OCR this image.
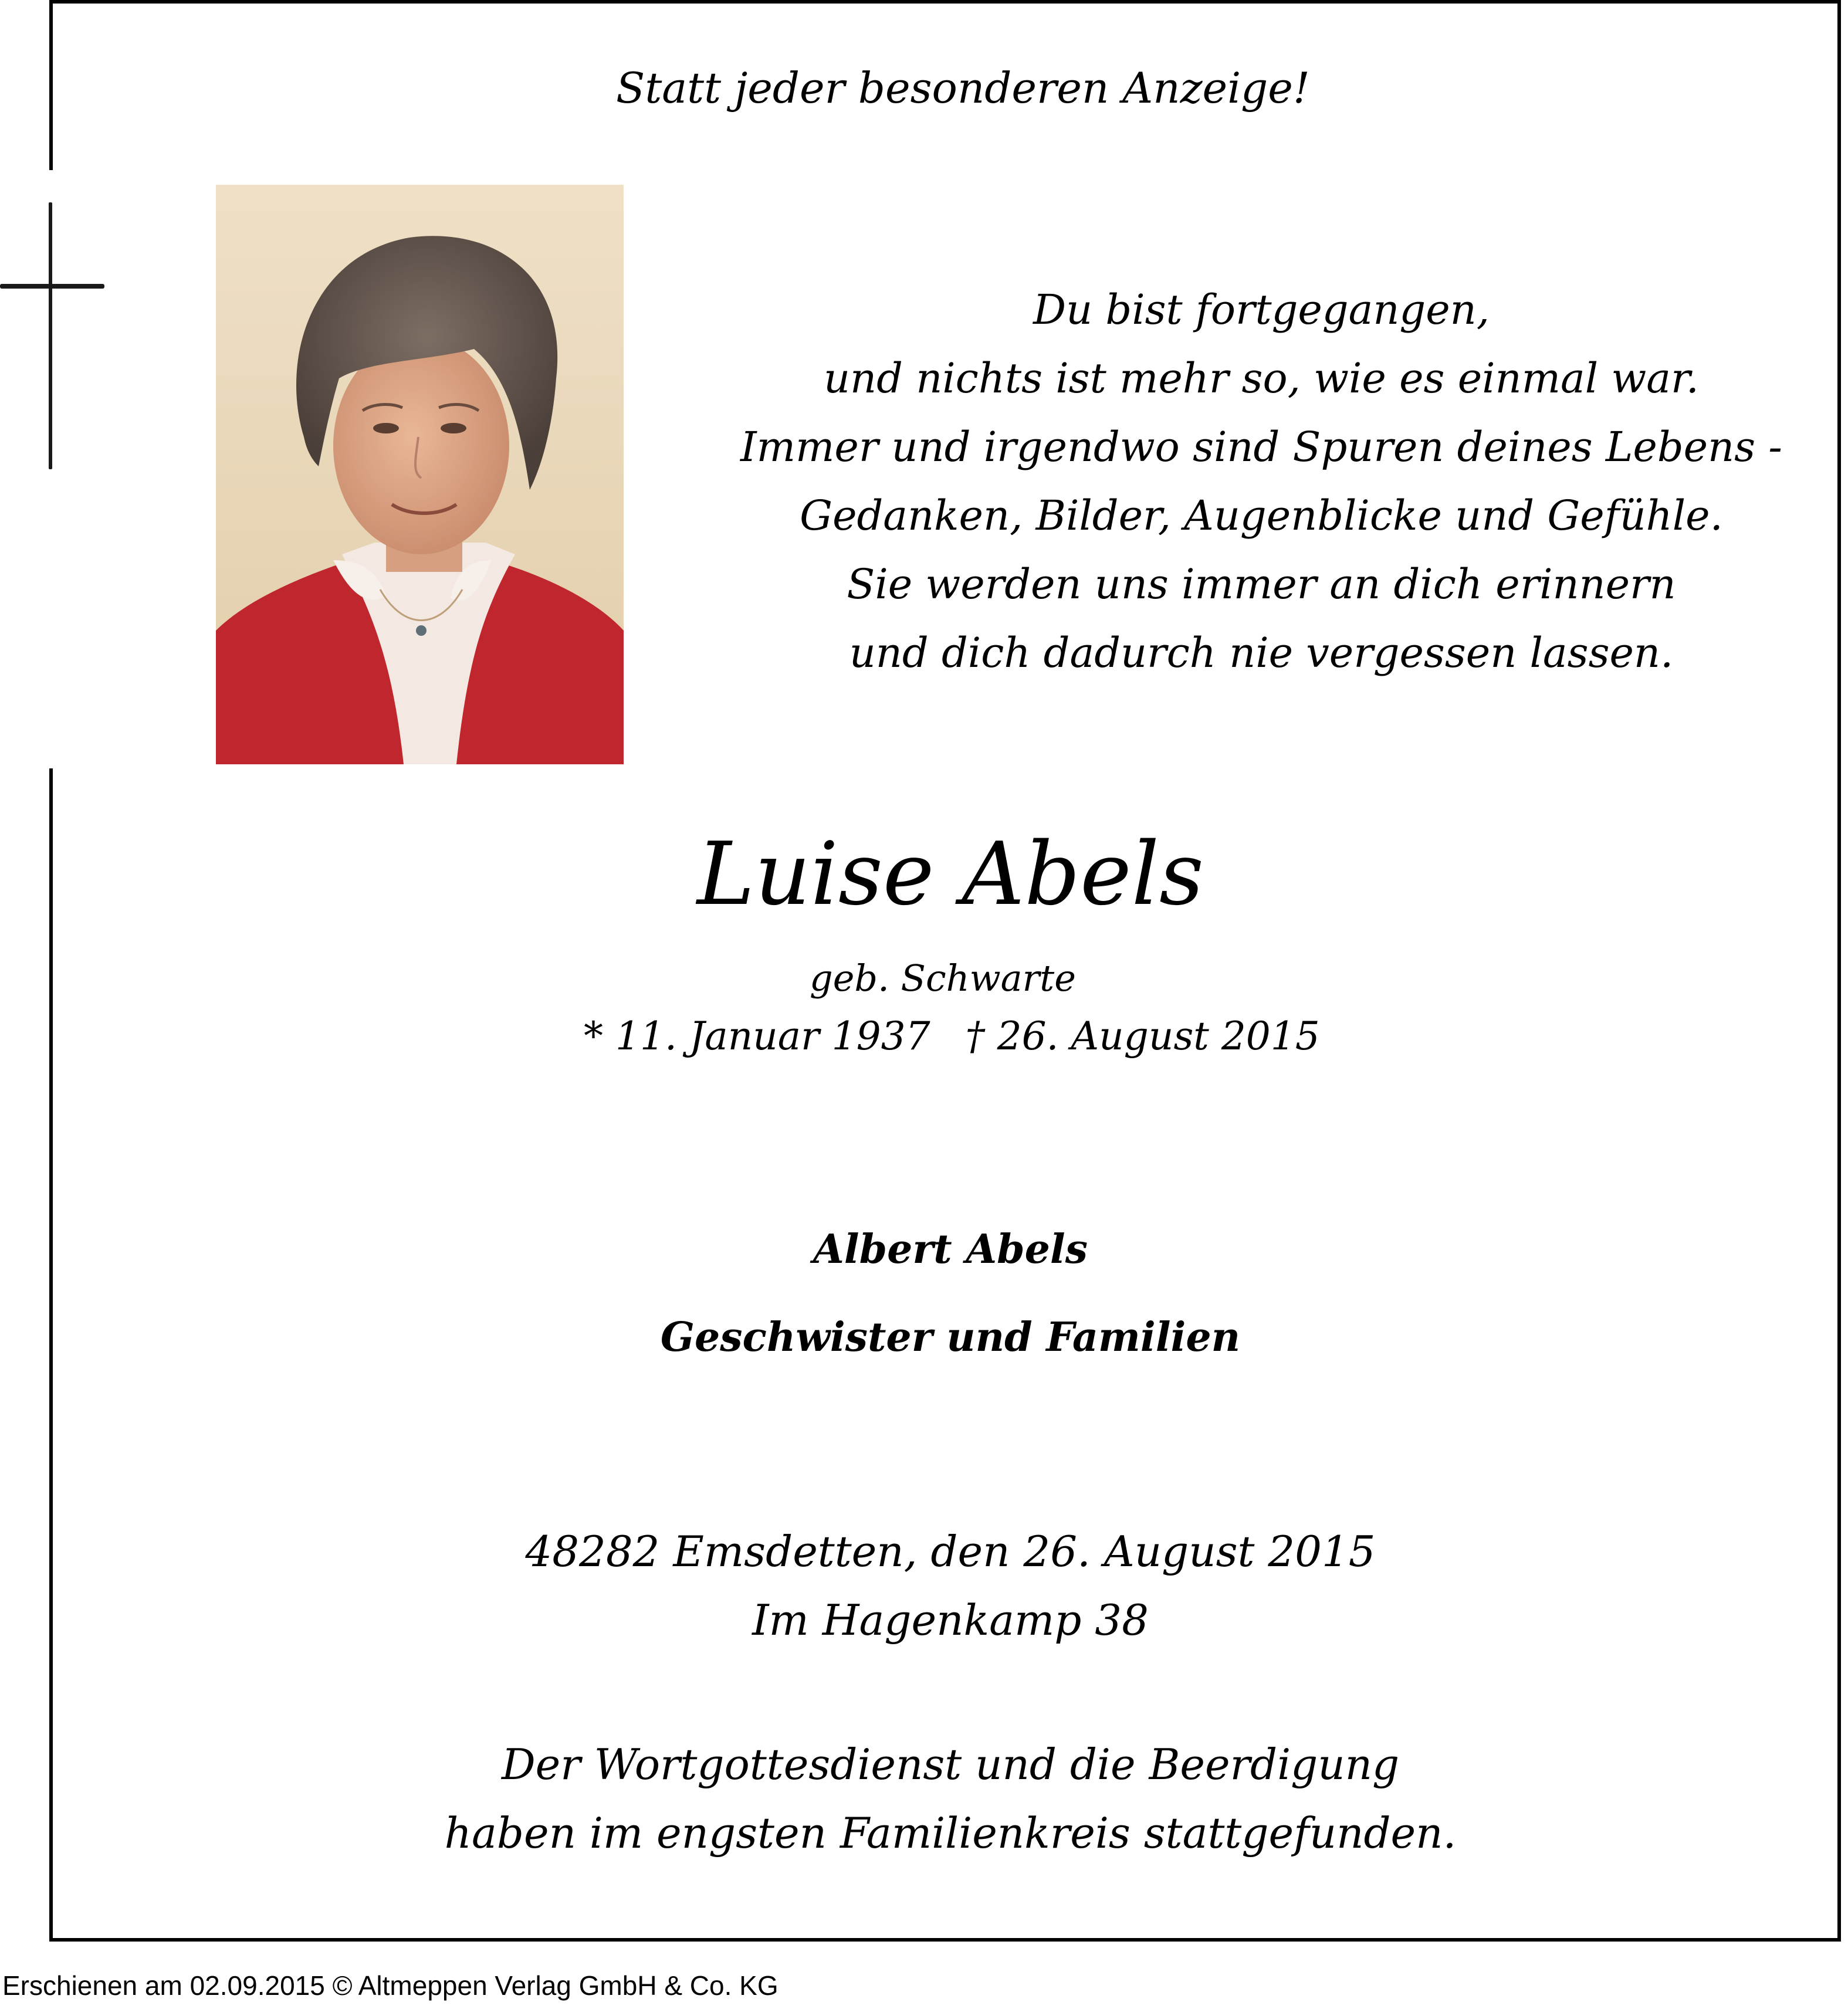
Statt jeder besonderen Anzeige!
Du bist fortgegangen,
und nichts ist mehr so, wie es einmal war.
Immer und irgendwo sind Spuren deines Lebens -
Gedanken, Bilder, Augenblicke und Gefühle.
Sie werden uns immer an dich erinnern
und dich dadurch nie vergessen lassen.
Luise Abels
geb. Schwarte
* 11. Januar 1937 † 26. August 2015
Albert Abels
Geschwister und Familien
48282 Emsdetten, den 26. August 2015
Im Hagenkamp 38
Der Wortgottesdienst und die Beerdigung
haben im engsten Familienkreis stattgefunden.
Erschienen am 02.09.2015 © Altmeppen Verlag GmbH & Co. KG
